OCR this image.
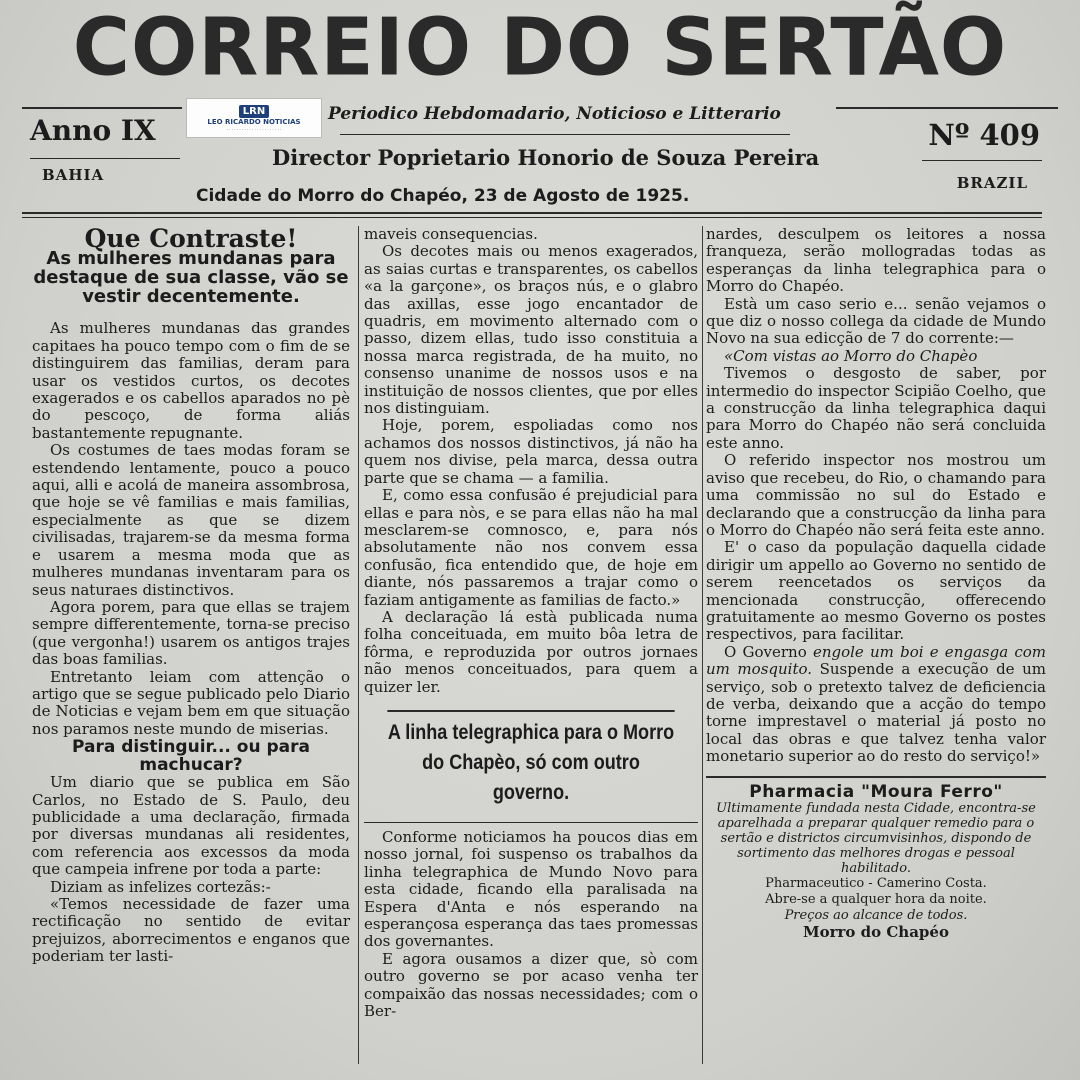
CORREIO DO SERTÃO
Anno IX
BAHIA
Nº 409
BRAZIL
LRN
LEO RICARDO NOTICIAS
· · · · · · · · · · · · · · · · · · · · · ·
Periodico Hebdomadario, Noticioso e Litterario
Director Poprietario Honorio de Souza Pereira
Cidade do Morro do Chapéo, 23 de Agosto de 1925.
Que Contraste!
As mulheres mundanas para destaque de sua classe, vão se vestir decentemente.

As mulheres mundanas das grandes capitaes ha pouco tempo com o fim de se distinguirem das familias, deram para usar os vestidos curtos, os decotes exagerados e os cabellos aparados no pè do pescoço, de forma aliás bastantemente repugnante.

Os costumes de taes modas foram se estendendo lentamente, pouco a pouco aqui, alli e acolá de maneira assombrosa, que hoje se vê familias e mais familias, especialmente as que se dizem civilisadas, trajarem-se da mesma forma e usarem a mesma moda que as mulheres mundanas inventaram para os seus naturaes distinctivos.

Agora porem, para que ellas se trajem sempre differentemente, torna-se preciso (que vergonha!) usarem os antigos trajes das boas familias.

Entretanto leiam com attenção o artigo que se segue publicado pelo Diario de Noticias e vejam bem em que situação nos paramos neste mundo de miserias.

Para distinguir... ou para machucar?

Um diario que se publica em São Carlos, no Estado de S. Paulo, deu publicidade a uma declaração, firmada por diversas mundanas ali residentes, com referencia aos excessos da moda que campeia infrene por toda a parte:

Diziam as infelizes cortezãs:-

«Temos necessidade de fazer uma rectificação no sentido de evitar prejuizos, aborrecimentos e enganos que poderiam ter lasti-

maveis consequencias.

Os decotes mais ou menos exagerados, as saias curtas e transparentes, os cabellos «a la garçone», os braços nús, e o glabro das axillas, esse jogo encantador de quadris, em movimento alternado com o passo, dizem ellas, tudo isso constituia a nossa marca registrada, de ha muito, no consenso unanime de nossos usos e na instituição de nossos clientes, que por elles nos distinguiam.

Hoje, porem, espoliadas como nos achamos dos nossos distinctivos, já não ha quem nos divise, pela marca, dessa outra parte que se chama — a familia.

E, como essa confusão é prejudicial para ellas e para nòs, e se para ellas não ha mal mesclarem-se comnosco, e, para nós absolutamente não nos convem essa confusão, fica entendido que, de hoje em diante, nós passaremos a trajar como o faziam antigamente as familias de facto.»

A declaração lá està publicada numa folha conceituada, em muito bôa letra de fôrma, e reproduzida por outros jornaes não menos conceituados, para quem a quizer ler.

A linha telegraphica para o Morro do Chapèo, só com outro governo.

Conforme noticiamos ha poucos dias em nosso jornal, foi suspenso os trabalhos da linha telegraphica de Mundo Novo para esta cidade, ficando ella paralisada na Espera d'Anta e nós esperando na esperançosa esperança das taes promessas dos governantes.

E agora ousamos a dizer que, sò com outro governo se por acaso venha ter compaixão das nossas necessidades; com o Ber-

nardes, desculpem os leitores a nossa franqueza, serão mollogradas todas as esperanças da linha telegraphica para o Morro do Chapéo.

Està um caso serio e... senão vejamos o que diz o nosso collega da cidade de Mundo Novo na sua edicção de 7 do corrente:—

«Com vistas ao Morro do Chapèo

Tivemos o desgosto de saber, por intermedio do inspector Scipião Coelho, que a construcção da linha telegraphica daqui para Morro do Chapéo não será concluida este anno.

O referido inspector nos mostrou um aviso que recebeu, do Rio, o chamando para uma commissão no sul do Estado e declarando que a construcção da linha para o Morro do Chapéo não será feita este anno.

E' o caso da população daquella cidade dirigir um appello ao Governo no sentido de serem reencetados os serviços da mencionada construcção, offerecendo gratuitamente ao mesmo Governo os postes respectivos, para facilitar.

O Governo engole um boi e engasga com um mosquito. Suspende a execução de um serviço, sob o pretexto talvez de deficiencia de verba, deixando que a acção do tempo torne imprestavel o material já posto no local das obras e que talvez tenha valor monetario superior ao do resto do serviço!»

Pharmacia "Moura Ferro"
Ultimamente fundada nesta Cidade, encontra-se aparelhada a preparar qualquer remedio para o sertão e districtos circumvisinhos, dispondo de sortimento das melhores drogas e pessoal habilitado.
Pharmaceutico - Camerino Costa.
Abre-se a qualquer hora da noite.
Preços ao alcance de todos.
Morro do Chapéo
